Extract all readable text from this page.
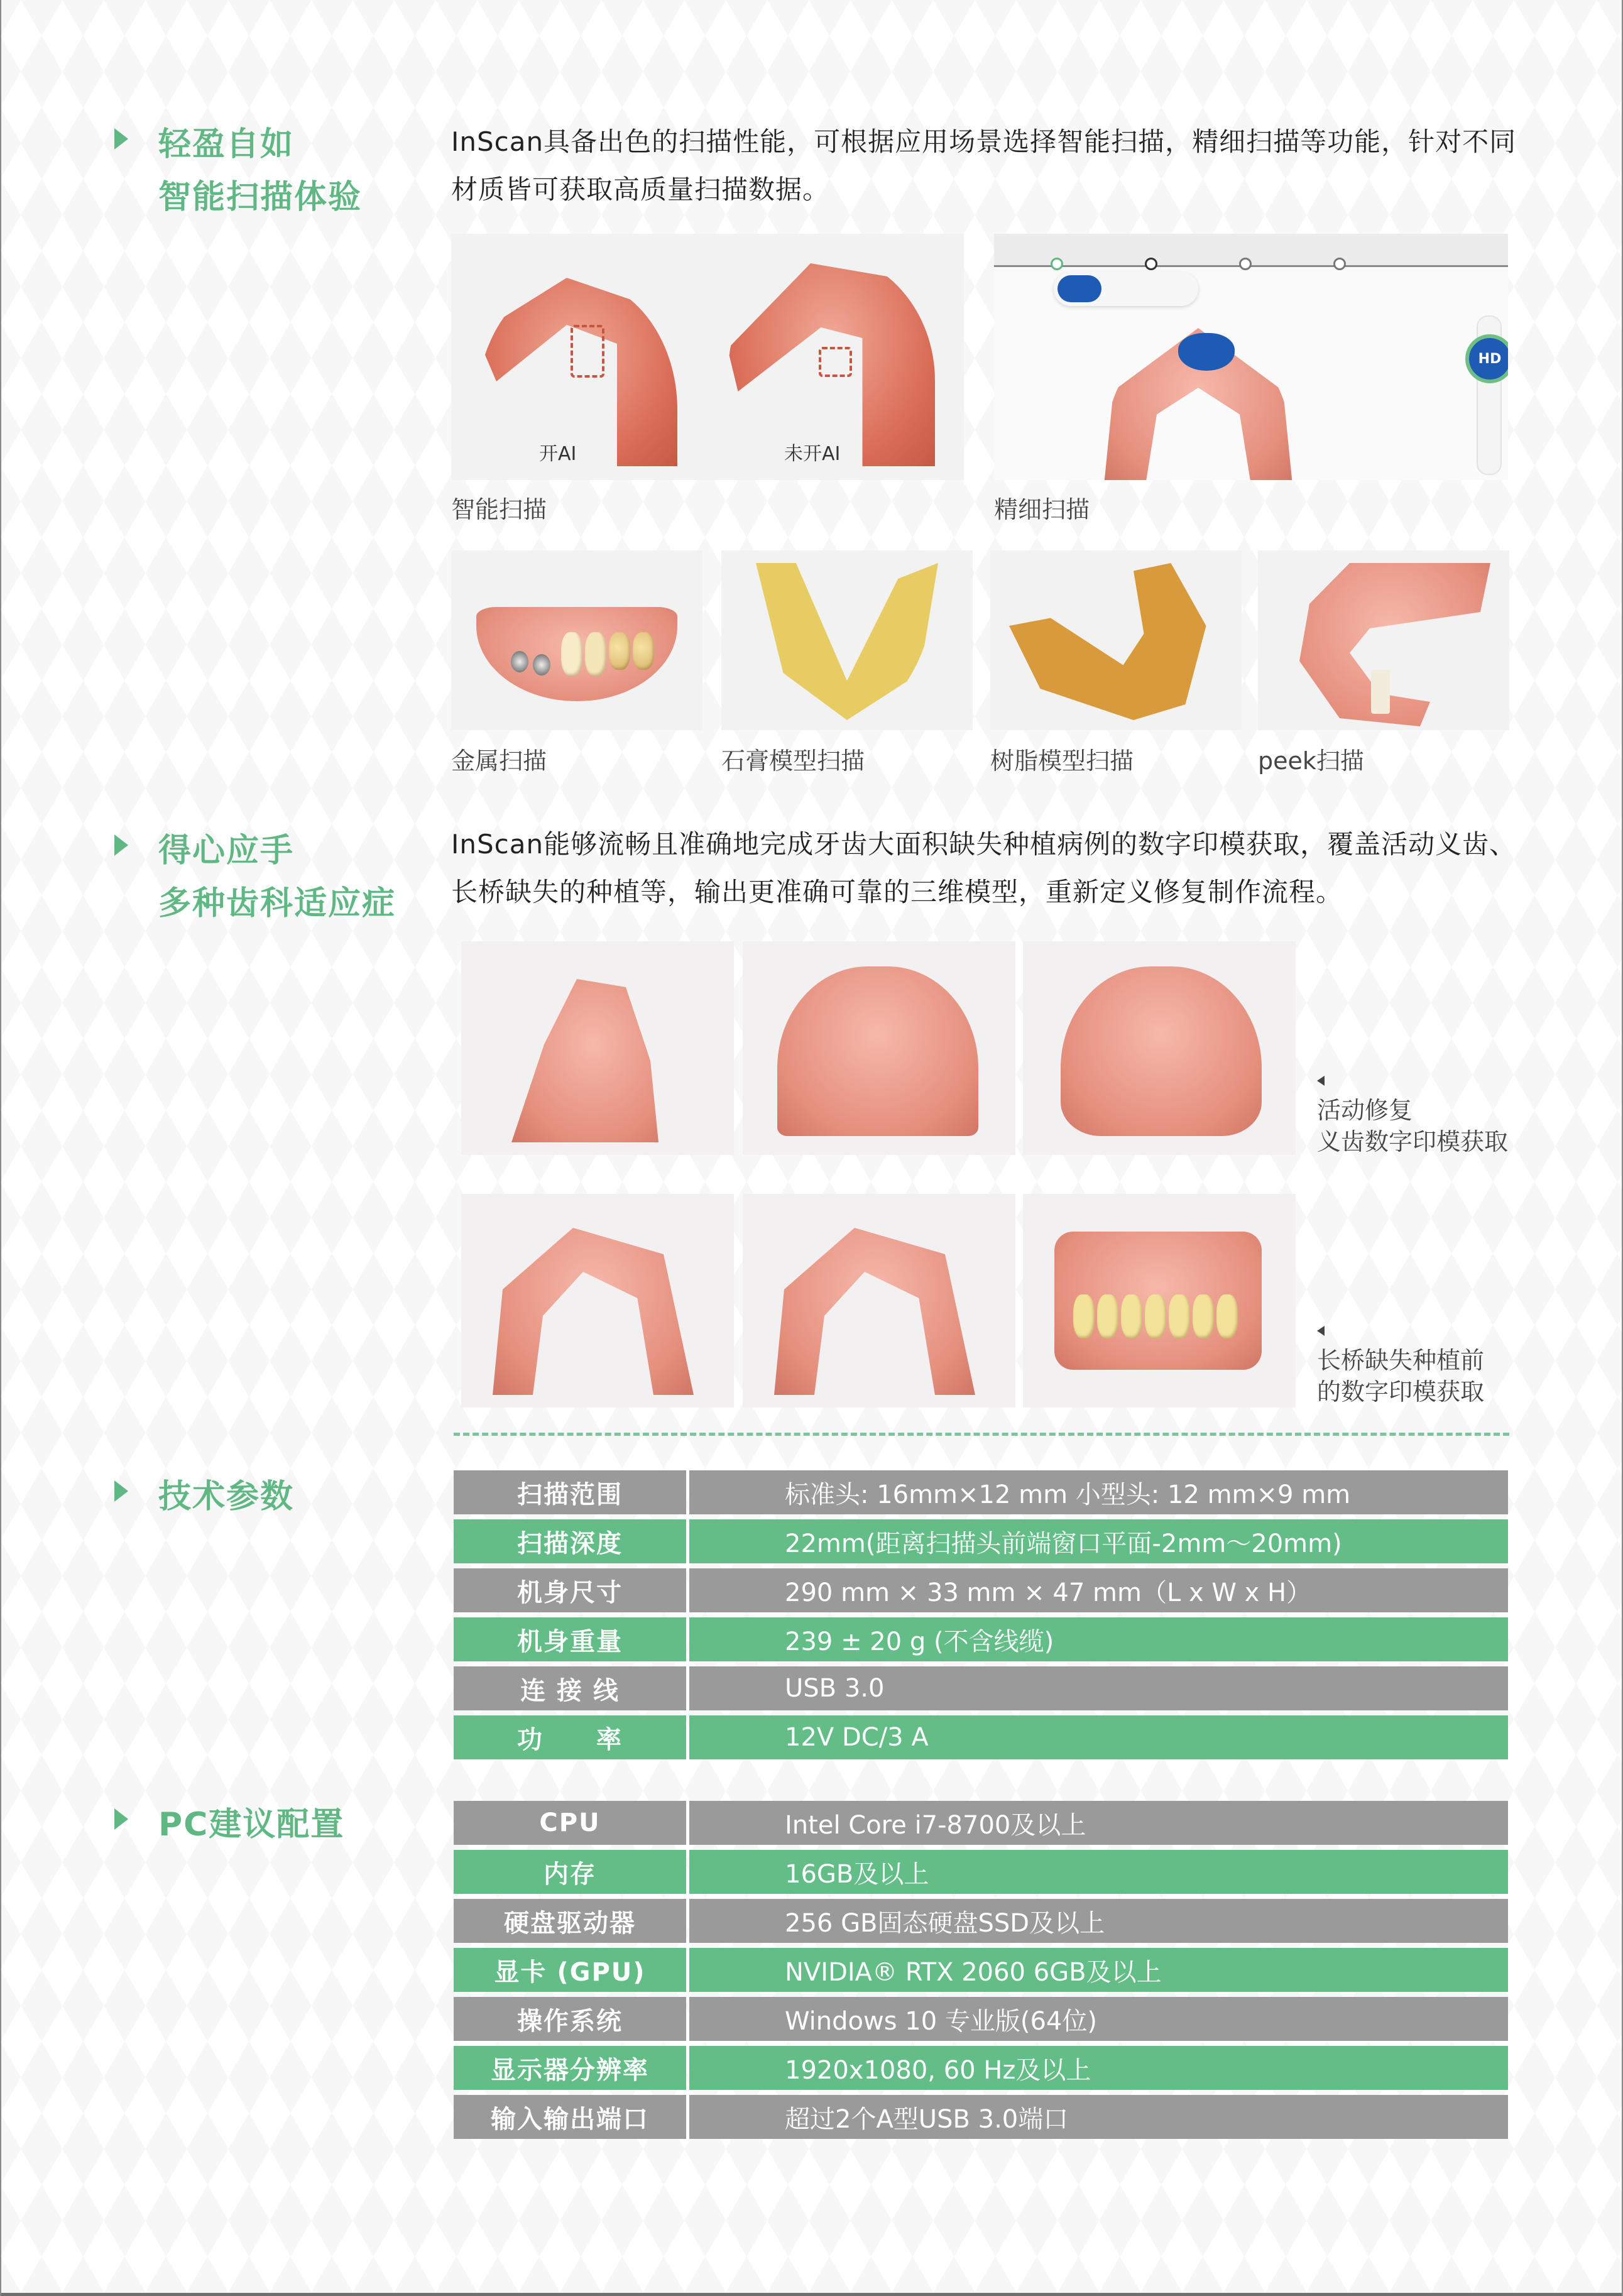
轻盈自如
智能扫描体验
InScan具备出色的扫描性能，可根据应用场景选择智能扫描，精细扫描等功能，针对不同材质皆可获取高质量扫描数据。
开AI	未开AI
智能扫描
HD
精细扫描
金属扫描	石膏模型扫描	树脂模型扫描	peek扫描
得心应手
多种齿科适应症
InScan能够流畅且准确地完成牙齿大面积缺失种植病例的数字印模获取，覆盖活动义齿、长桥缺失的种植等，输出更准确可靠的三维模型，重新定义修复制作流程。
活动修复
义齿数字印模获取
长桥缺失种植前
的数字印模获取
技术参数	扫描范围	标准头: 16mm×12 mm 小型头: 12 mm×9 mm
扫描深度	22mm(距离扫描头前端窗口平面-2mm～20mm)
机身尺寸	290 mm × 33 mm × 47 mm（L x W x H）
机身重量	239 ± 20 g (不含线缆)
连 接 线	USB 3.0
功　　率	12V DC/3 A
PC建议配置	CPU	Intel Core i7-8700及以上
内存	16GB及以上
硬盘驱动器	256 GB固态硬盘SSD及以上
显卡 (GPU)	NVIDIA® RTX 2060 6GB及以上
操作系统	Windows 10 专业版(64位)
显示器分辨率	1920x1080, 60 Hz及以上
输入输出端口	超过2个A型USB 3.0端口
